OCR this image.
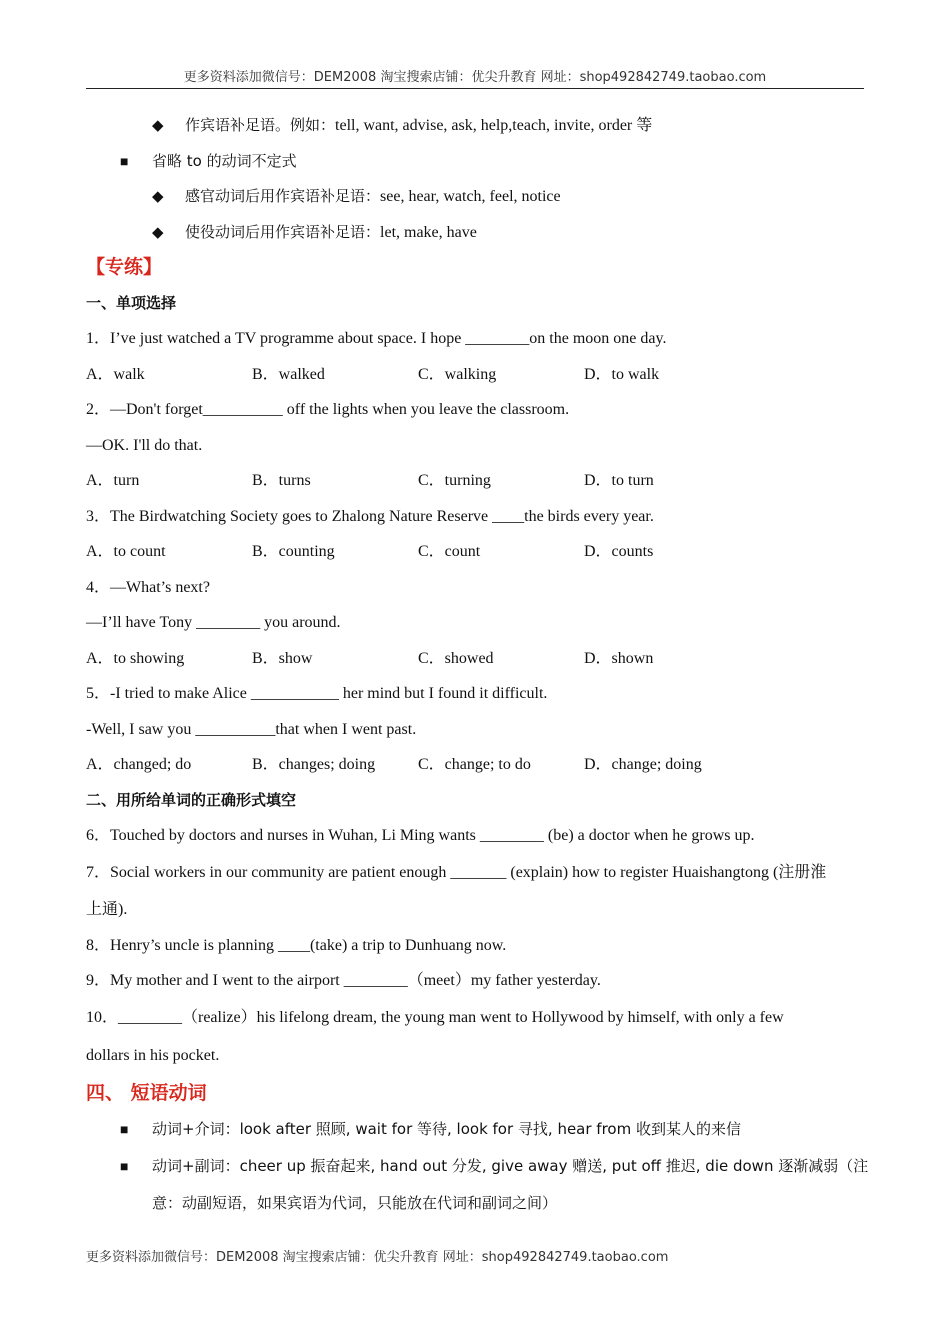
更多资料添加微信号：DEM2008 淘宝搜索店铺：优尖升教育 网址：shop492842749.taobao.com
◆ 作宾语补足语。例如：tell, want, advise, ask, help,teach, invite, order 等
■ 省略 to 的动词不定式
◆ 感官动词后用作宾语补足语：see, hear, watch, feel, notice
◆ 使役动词后用作宾语补足语：let, make, have
【专练】
一、单项选择
1．I’ve just watched a TV programme about space. I hope ________on the moon one day.
A．walk	B．walked	C．walking	D．to walk
2．—Don't forget__________ off the lights when you leave the classroom.
—OK. I'll do that.
A．turn	B．turns	C．turning	D．to turn
3．The Birdwatching Society goes to Zhalong Nature Reserve ____the birds every year.
A．to count	B．counting	C．count	D．counts
4．—What’s next?
—I’ll have Tony ________ you around.
A．to showing	B．show	C．showed	D．shown
5．-I tried to make Alice ___________ her mind but I found it difficult.
-Well, I saw you __________that when I went past.
A．changed; do	B．changes; doing	C．change; to do	D．change; doing
二、用所给单词的正确形式填空
6．Touched by doctors and nurses in Wuhan, Li Ming wants ________ (be) a doctor when he grows up.
7．Social workers in our community are patient enough _______ (explain) how to register Huaishangtong (注册淮
上通).
8．Henry’s uncle is planning ____(take) a trip to Dunhuang now.
9．My mother and I went to the airport ________（meet）my father yesterday.
10．________（realize）his lifelong dream, the young man went to Hollywood by himself, with only a few
dollars in his pocket.
四、 短语动词
■ 动词+介词：look after 照顾, wait for 等待, look for 寻找, hear from 收到某人的来信
■ 动词+副词：cheer up 振奋起来, hand out 分发, give away 赠送, put off 推迟, die down 逐渐减弱（注
意：动副短语，如果宾语为代词，只能放在代词和副词之间）
更多资料添加微信号：DEM2008 淘宝搜索店铺：优尖升教育 网址：shop492842749.taobao.com
